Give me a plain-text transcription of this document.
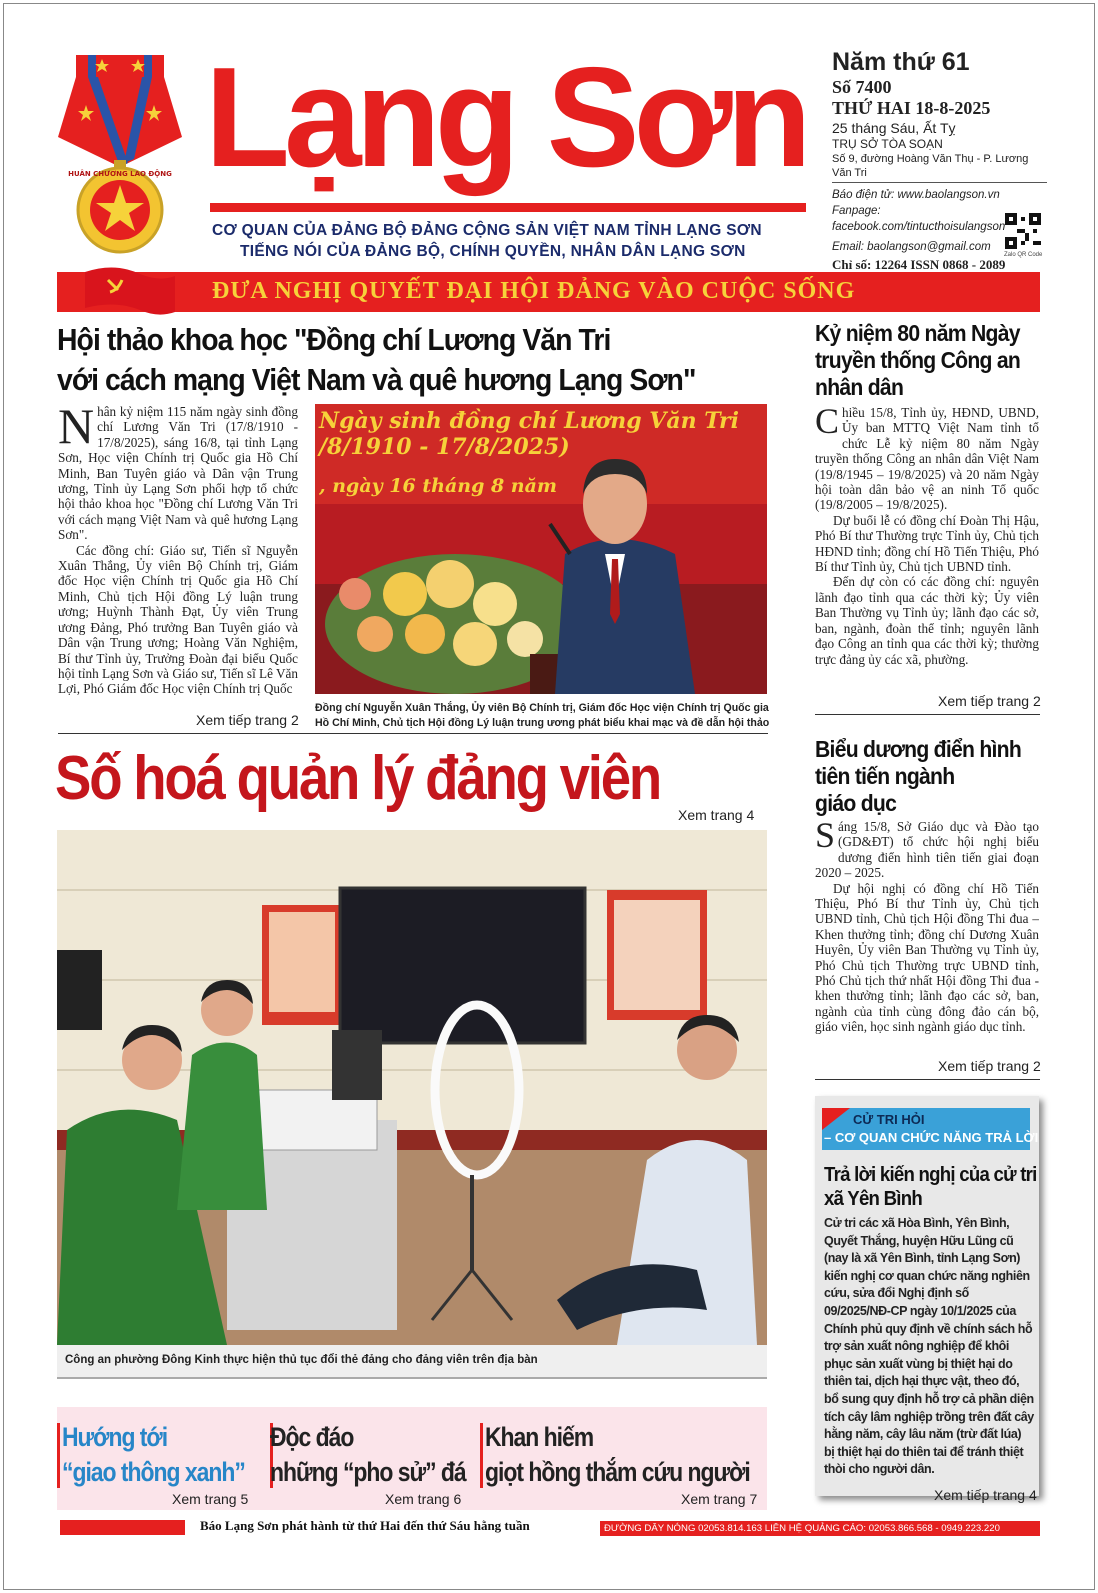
HUÂN CHƯƠNG LAO ĐỘNG Lạng Sơn
CƠ QUAN CỦA ĐẢNG BỘ ĐẢNG CỘNG SẢN VIỆT NAM TỈNH LẠNG SƠN
TIẾNG NÓI CỦA ĐẢNG BỘ, CHÍNH QUYỀN, NHÂN DÂN LẠNG SƠN
Năm thứ 61
Số 7400
THỨ HAI 18-8-2025
25 tháng Sáu, Ất Tỵ
TRỤ SỞ TÒA SOẠN
Số 9, đường Hoàng Văn Thụ - P. Lương Văn Tri
Báo điện tử: www.baolangson.vn
Fanpage: facebook.com/tintucthoisulangson
Email: baolangson@gmail.com
Chỉ số: 12264 ISSN 0868 - 2089
Zalo QR Code
ĐƯA NGHỊ QUYẾT ĐẠI HỘI ĐẢNG VÀO CUỘC SỐNG
Hội thảo khoa học "Đồng chí Lương Văn Tri
với cách mạng Việt Nam và quê hương Lạng Sơn"

Nhân kỷ niệm 115 năm ngày sinh đồng chí Lương Văn Tri (17/8/1910 - 17/8/2025), sáng 16/8, tại tỉnh Lạng Sơn, Học viện Chính trị Quốc gia Hồ Chí Minh, Ban Tuyên giáo và Dân vận Trung ương, Tỉnh ủy Lạng Sơn phối hợp tổ chức hội thảo khoa học "Đồng chí Lương Văn Tri với cách mạng Việt Nam và quê hương Lạng Sơn".

Các đồng chí: Giáo sư, Tiến sĩ Nguyễn Xuân Thắng, Ủy viên Bộ Chính trị, Giám đốc Học viện Chính trị Quốc gia Hồ Chí Minh, Chủ tịch Hội đồng Lý luận trung ương; Huỳnh Thành Đạt, Ủy viên Trung ương Đảng, Phó trưởng Ban Tuyên giáo và Dân vận Trung ương; Hoàng Văn Nghiệm, Bí thư Tỉnh ủy, Trưởng Đoàn đại biểu Quốc hội tỉnh Lạng Sơn và Giáo sư, Tiến sĩ Lê Văn Lợi, Phó Giám đốc Học viện Chính trị Quốc

Xem tiếp trang 2
Ngày sinh đồng chí Lương Văn Tri
/8/1910 - 17/8/2025)
, ngày 16 tháng 8 năm
Đồng chí Nguyễn Xuân Thắng, Ủy viên Bộ Chính trị, Giám đốc Học viện Chính trị Quốc gia Hồ Chí Minh, Chủ tịch Hội đồng Lý luận trung ương phát biểu khai mạc và đề dẫn hội thảo
Kỷ niệm 80 năm Ngày
truyền thống Công an
nhân dân

Chiều 15/8, Tỉnh ủy, HĐND, UBND, Ủy ban MTTQ Việt Nam tỉnh tổ chức Lễ kỷ niệm 80 năm Ngày truyền thống Công an nhân dân Việt Nam (19/8/1945 – 19/8/2025) và 20 năm Ngày hội toàn dân bảo vệ an ninh Tổ quốc (19/8/2005 – 19/8/2025).

Dự buổi lễ có đồng chí Đoàn Thị Hậu, Phó Bí thư Thường trực Tỉnh ủy, Chủ tịch HĐND tỉnh; đồng chí Hồ Tiến Thiệu, Phó Bí thư Tỉnh ủy, Chủ tịch UBND tỉnh.

Đến dự còn có các đồng chí: nguyên lãnh đạo tỉnh qua các thời kỳ; Ủy viên Ban Thường vụ Tỉnh ủy; lãnh đạo các sở, ban, ngành, đoàn thể tỉnh; nguyên lãnh đạo Công an tỉnh qua các thời kỳ; thường trực đảng ủy các xã, phường.

Xem tiếp trang 2
Biểu dương điển hình
tiên tiến ngành
giáo dục

Sáng 15/8, Sở Giáo dục và Đào tạo (GD&ĐT) tổ chức hội nghị biểu dương điển hình tiên tiến giai đoạn 2020 – 2025.

Dự hội nghị có đồng chí Hồ Tiến Thiệu, Phó Bí thư Tỉnh ủy, Chủ tịch UBND tỉnh, Chủ tịch Hội đồng Thi đua – Khen thưởng tỉnh; đồng chí Dương Xuân Huyên, Ủy viên Ban Thường vụ Tỉnh ủy, Phó Chủ tịch Thường trực UBND tỉnh, Phó Chủ tịch thứ nhất Hội đồng Thi đua - khen thưởng tỉnh; lãnh đạo các sở, ban, ngành của tỉnh cùng đông đảo cán bộ, giáo viên, học sinh ngành giáo dục tỉnh.

Xem tiếp trang 2
CỬ TRI HỎI
– CƠ QUAN CHỨC NĂNG TRẢ LỜI
Trả lời kiến nghị của cử tri
xã Yên Bình
Cử tri các xã Hòa Bình, Yên Bình, Quyết Thắng, huyện Hữu Lũng cũ (nay là xã Yên Bình, tỉnh Lạng Sơn) kiến nghị cơ quan chức năng nghiên cứu, sửa đổi Nghị định số 09/2025/NĐ-CP ngày 10/1/2025 của Chính phủ quy định về chính sách hỗ trợ sản xuất nông nghiệp để khôi phục sản xuất vùng bị thiệt hại do thiên tai, dịch hại thực vật, theo đó, bổ sung quy định hỗ trợ cả phần diện tích cây lâm nghiệp trồng trên đất cây hằng năm, cây lâu năm (trừ đất lúa) bị thiệt hại do thiên tai để tránh thiệt thòi cho người dân.
Xem tiếp trang 4
Số hoá quản lý đảng viên
Xem trang 4
Công an phường Đông Kinh thực hiện thủ tục đổi thẻ đảng cho đảng viên trên địa bàn
Hướng tới
“giao thông xanh”
Độc đáo
những “pho sử” đá
Khan hiếm
giọt hồng thắm cứu người
Xem trang 5	Xem trang 6	Xem trang 7
Báo Lạng Sơn phát hành từ thứ Hai đến thứ Sáu hằng tuần	ĐƯỜNG DÂY NÓNG 02053.814.163 LIÊN HỆ QUẢNG CÁO: 02053.866.568 - 0949.223.220
